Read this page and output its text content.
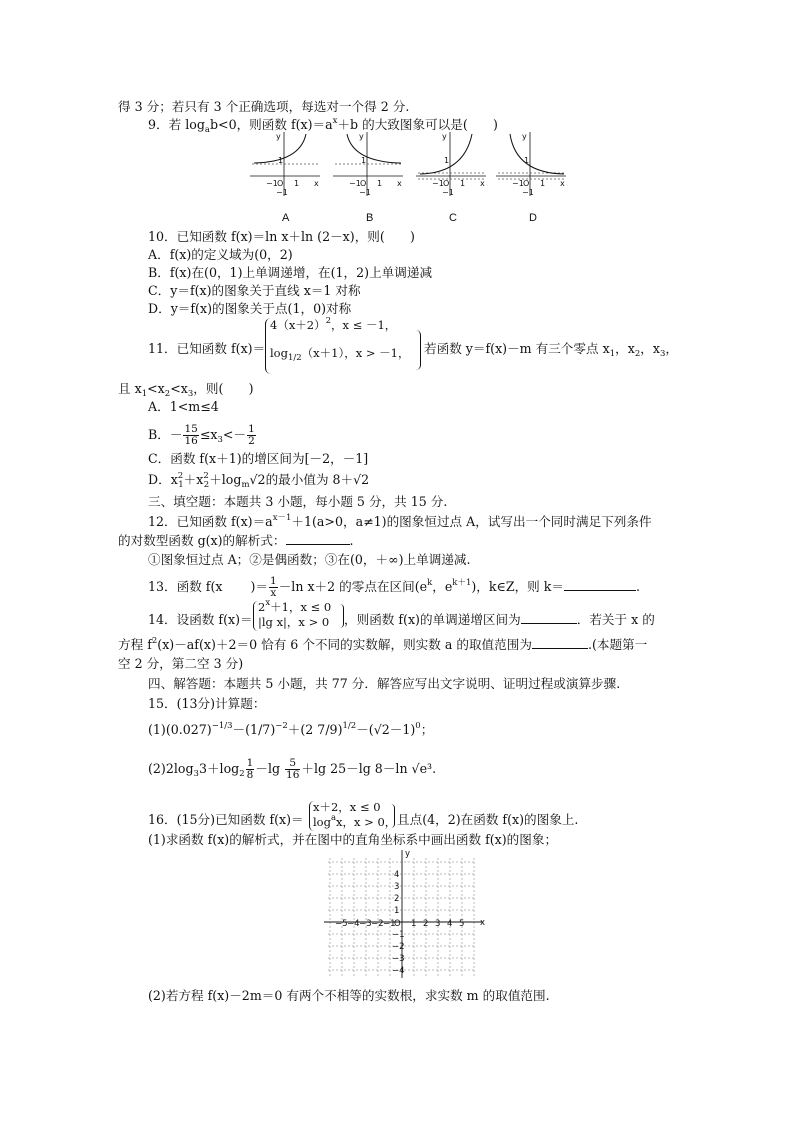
得 3 分；若只有 3 个正确选项，每选对一个得 2 分.
9．若 $\log_ab<0$，则函数 $f(x)=a^x+b$ 的大致图象可以是(　　)
y
1
−1 O 1 x
−1
y
1
−1 O 1 x
−1
y
1
−1 O 1 x
−1
y
1
−1 O 1 x
−1
A	B	C	D
10．已知函数 f(x)＝ln x＋ln (2－x)，则(　　)
A．f(x)的定义域为(0，2)
B．f(x)在(0，1)上单调递增，在(1，2)上单调递减
C．y＝f(x)的图象关于直线 x＝1 对称
D．y＝f(x)的图象关于点(1，0)对称
11．已知函数 f(x)＝
$4(x+2)^2$，x ≤ －1，
$\log_{1/2}(x+1)$，x > －1， 若函数 y＝f(x)－m 有三个零点 $x_1$，$x_2$，$x_3$，
且 $x_1<x_2<x_3$，则(　　)
A．1<m≤4
B．－ $\frac{15}{16} \le x_3<- \frac{1}{2}$
C．函数 f(x＋1)的增区间为[－2，－1]
D．$x^2_1+x^2_2+\log_m√2$的最小值为 8＋√2
三、填空题：本题共 3 小题，每小题 5 分，共 15 分.
12．已知函数 $f(x)=a^{x-1}+1(a>0$，a≠1)的图象恒过点 A，试写出一个同时满足下列条件
的对数型函数 g(x)的解析式：	.
①图象恒过点 A；②是偶函数；③在(0，＋∞)上单调递减.
13．函数 f(x )＝ $\frac{1}{x} -\ln$ x＋2 的零点在区间($e^k$，$e^{k+1}$)，k∈Z，则 k＝	.
14．设函数 f(x)＝
$2^x+1$，x ≤ 0
|lg x|，x > 0 ，则函数 f(x)的单调递增区间为	．若关于 x 的
方程 $f^2(x)-af(x)+2=0$ 恰有 6 个不同的实数解，则实数 a 的取值范围为	.(本题第一
空 2 分，第二空 3 分)
四、解答题：本题共 5 小题，共 77 分．解答应写出文字说明、证明过程或演算步骤.
15．(13分)计算题：
$(1)(0.027)^{-1/3}-(1/7)^{-2}+(2$ $7/9)^{1/2}-(√2-1)^0$；
$(2)2\log_33+\log_2 \frac{1}{8} -\lg \frac{5}{16} +\lg$ 25－lg 8－ln √e³.
16．(15分)已知函数 f(x)＝
x＋2，x ≤ 0
$\log^ax$，x > 0， 且点(4，2)在函数 f(x)的图象上.
(1)求函数 f(x)的解析式，并在图中的直角坐标系中画出函数 f(x)的图象；
−5 −4 −3 −2 −1
O 1 2 3 4 5
4
3
2
1
−1
−2
−3
−4
x
y
(2)若方程 f(x)－2m＝0 有两个不相等的实数根，求实数 m 的取值范围.
